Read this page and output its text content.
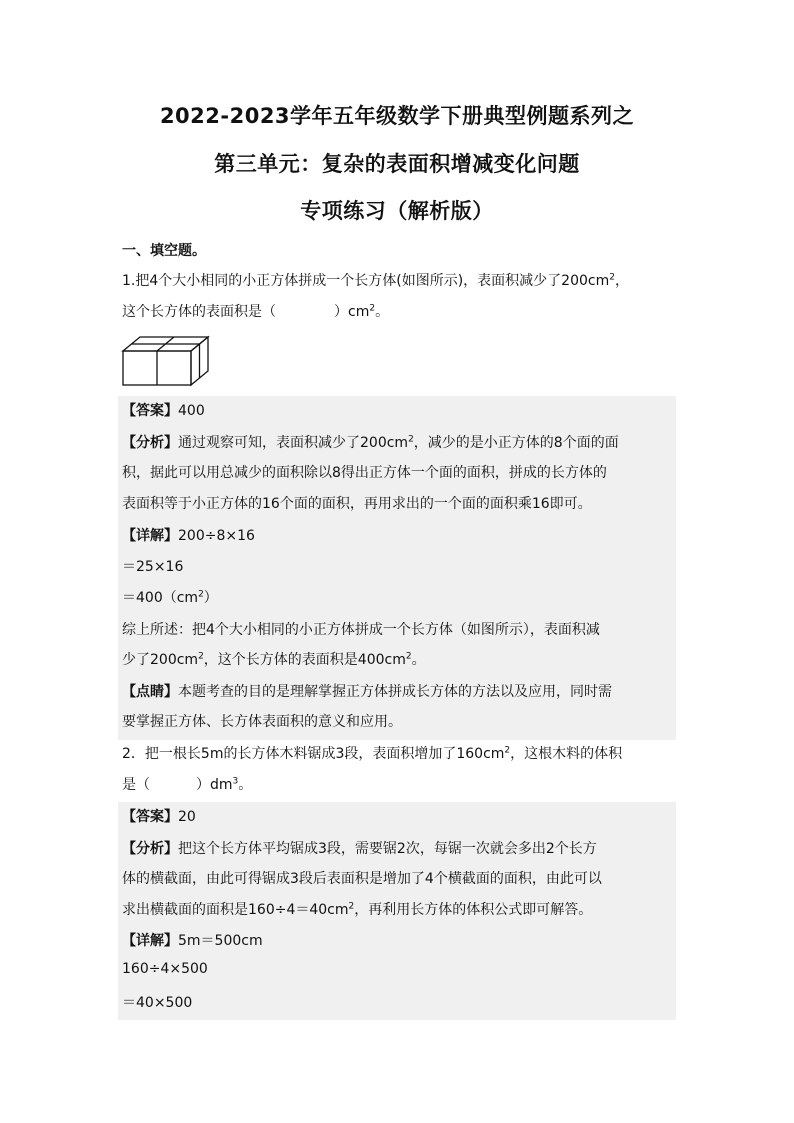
2022-2023学年五年级数学下册典型例题系列之
第三单元：复杂的表面积增减变化问题
专项练习（解析版）
一、填空题。
1.把4个大小相同的小正方体拼成一个长方体(如图所示)，表面积减少了$200cm^2$，
这个长方体的表面积是（	）$cm^2$。
【答案】400
【分析】通过观察可知，表面积减少了$200cm^2$，减少的是小正方体的8个面的面
积，据此可以用总减少的面积除以8得出正方体一个面的面积，拼成的长方体的
表面积等于小正方体的16个面的面积，再用求出的一个面的面积乘16即可。
【详解】200÷8×16
＝25×16
$=400(cm^2)$
综上所述：把4个大小相同的小正方体拼成一个长方体（如图所示），表面积减
少了$200cm^2$，这个长方体的表面积是$400cm^2$。
【点睛】本题考查的目的是理解掌握正方体拼成长方体的方法以及应用，同时需
要掌握正方体、长方体表面积的意义和应用。
2．把一根长5m的长方体木料锯成3段，表面积增加了$160cm^2$，这根木料的体积
是（	）$dm^3$。
【答案】20
【分析】把这个长方体平均锯成3段，需要锯2次，每锯一次就会多出2个长方
体的横截面，由此可得锯成3段后表面积是增加了4个横截面的面积，由此可以
求出横截面的面积是$160\div 4=40cm^2$，再利用长方体的体积公式即可解答。
【详解】5m＝500cm
160÷4×500
＝40×500
